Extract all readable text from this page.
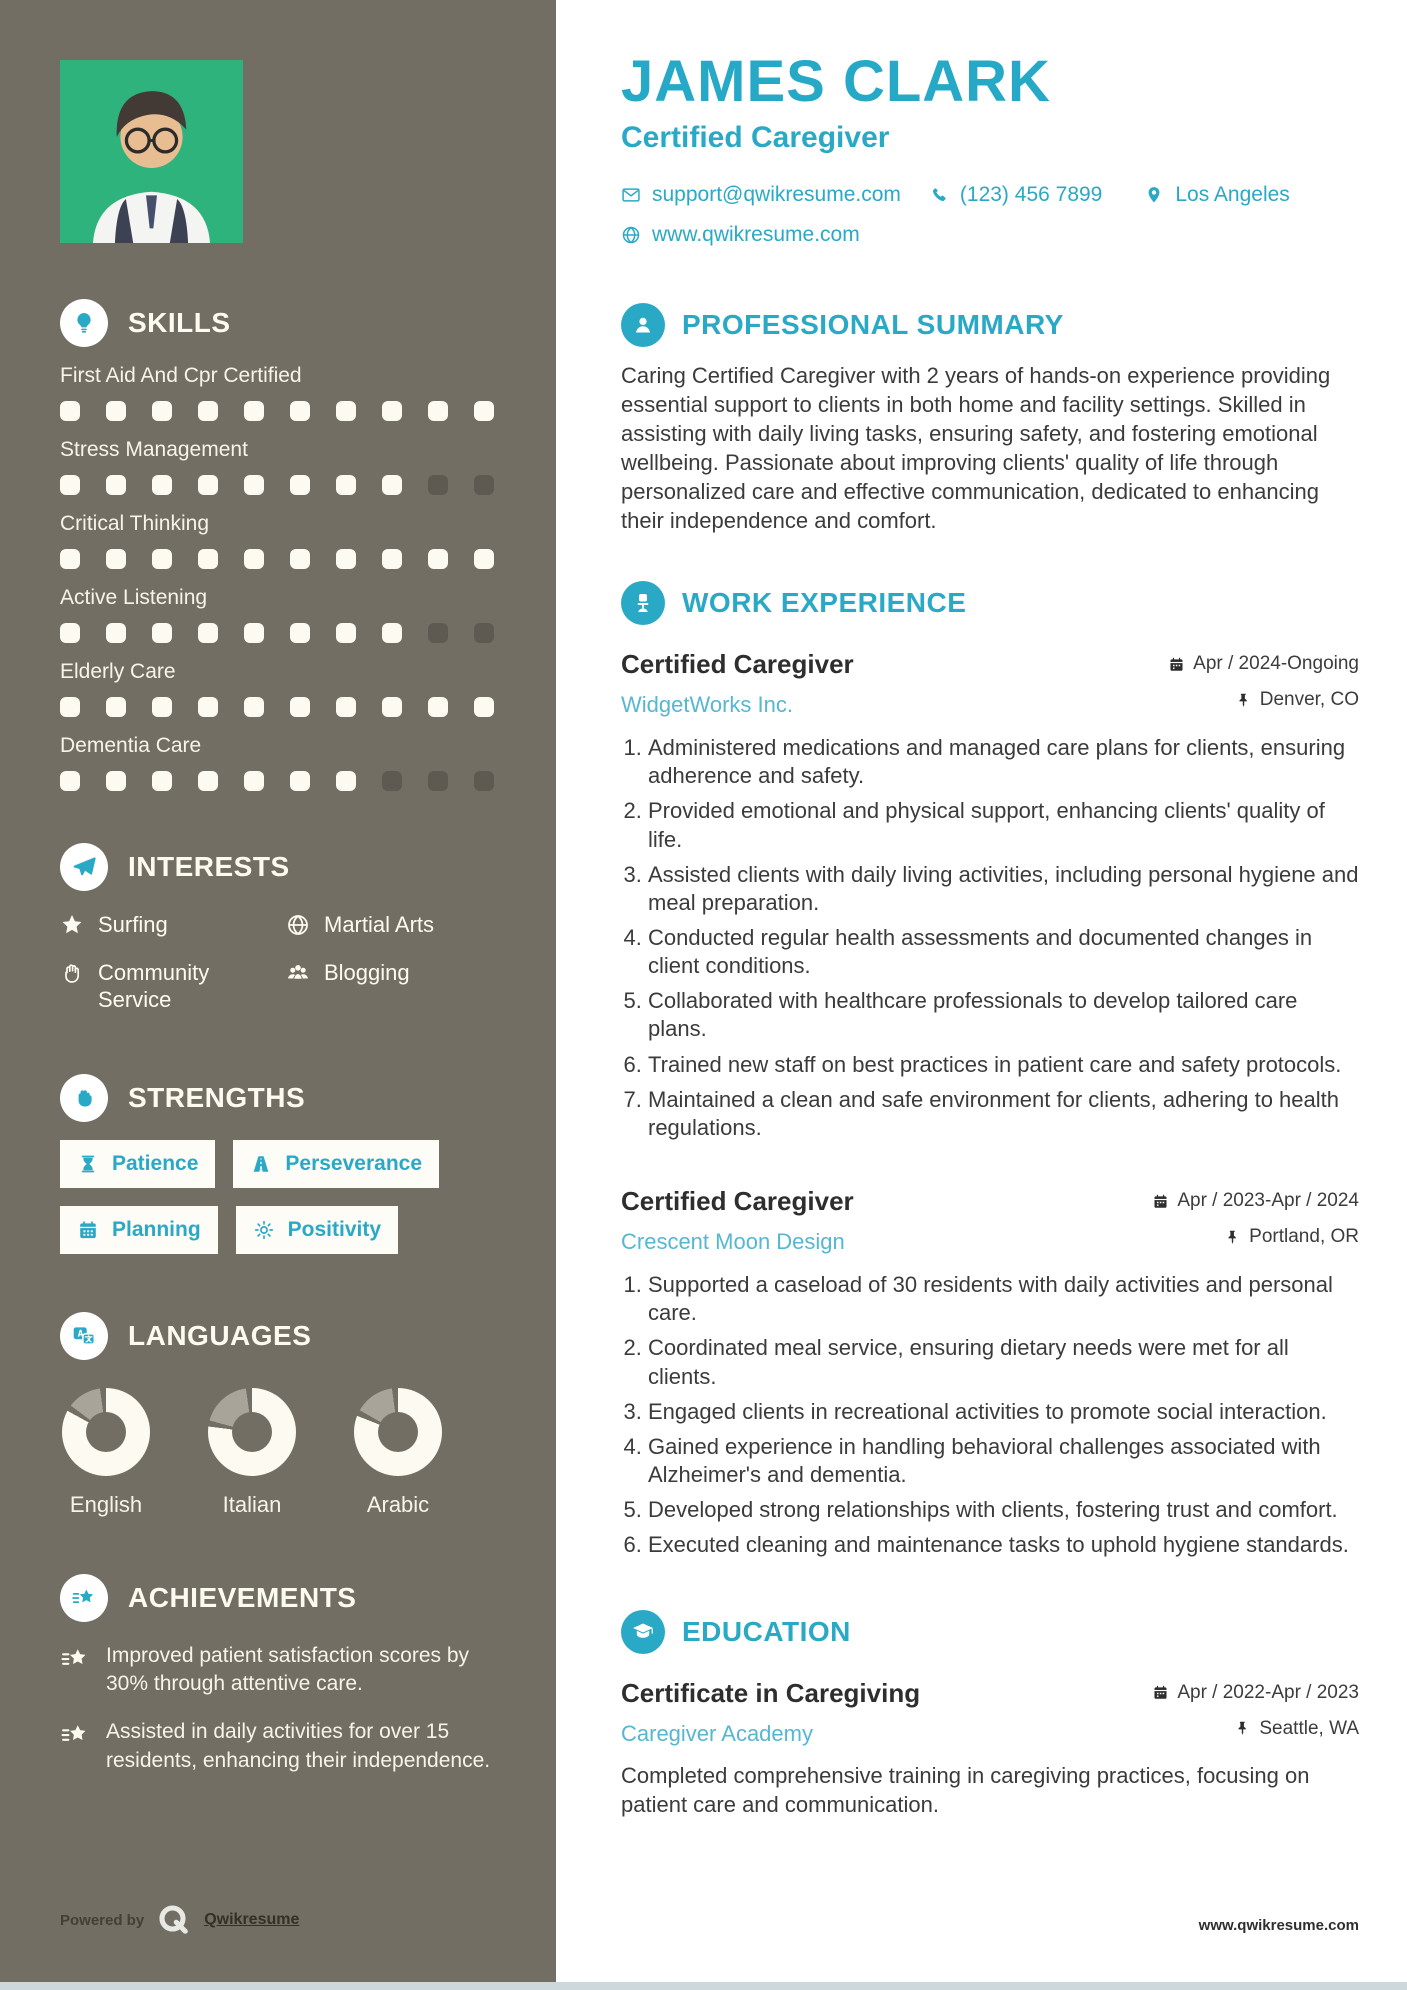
SKILLS
First Aid And Cpr Certified
Stress Management
Critical Thinking
Active Listening
Elderly Care
Dementia Care
INTERESTS
Surfing	Martial Arts
Community Service
Blogging
STRENGTHS
Patience	Perseverance
Planning	Positivity
LANGUAGES
English	Italian	Arabic
ACHIEVEMENTS
Improved patient satisfaction scores by 30% through attentive care.
Assisted in daily activities for over 15 residents, enhancing their independence.
Powered by	Qwikresume
JAMES CLARK
Certified Caregiver
support@qwikresume.com	(123) 456 7899	Los Angeles
www.qwikresume.com
PROFESSIONAL SUMMARY

Caring Certified Caregiver with 2 years of hands-on experience providing essential support to clients in both home and facility settings. Skilled in assisting with daily living tasks, ensuring safety, and fostering emotional wellbeing. Passionate about improving clients' quality of life through personalized care and effective communication, dedicated to enhancing their independence and comfort.

WORK EXPERIENCE
Certified Caregiver
WidgetWorks Inc.
Apr / 2024-Ongoing
Denver, CO
1. Administered medications and managed care plans for clients, ensuring adherence and safety.
2. Provided emotional and physical support, enhancing clients' quality of life.
3. Assisted clients with daily living activities, including personal hygiene and meal preparation.
4. Conducted regular health assessments and documented changes in client conditions.
5. Collaborated with healthcare professionals to develop tailored care plans.
6. Trained new staff on best practices in patient care and safety protocols.
7. Maintained a clean and safe environment for clients, adhering to health regulations.
Certified Caregiver
Crescent Moon Design
Apr / 2023-Apr / 2024
Portland, OR
1. Supported a caseload of 30 residents with daily activities and personal care.
2. Coordinated meal service, ensuring dietary needs were met for all clients.
3. Engaged clients in recreational activities to promote social interaction.
4. Gained experience in handling behavioral challenges associated with Alzheimer's and dementia.
5. Developed strong relationships with clients, fostering trust and comfort.
6. Executed cleaning and maintenance tasks to uphold hygiene standards.
EDUCATION
Certificate in Caregiving
Caregiver Academy
Apr / 2022-Apr / 2023
Seattle, WA

Completed comprehensive training in caregiving practices, focusing on patient care and communication.

www.qwikresume.com
